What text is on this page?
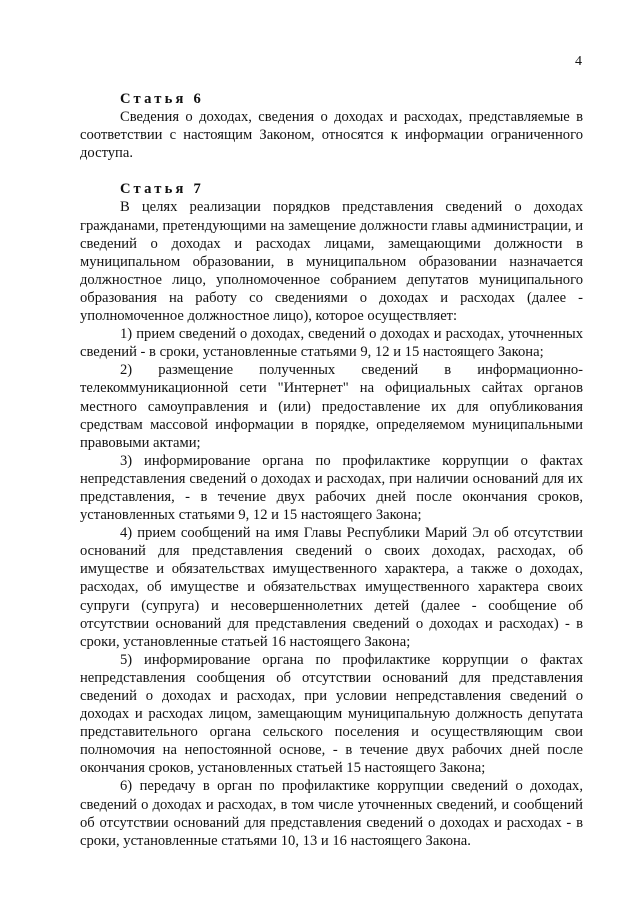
4
Статья 6
Сведения о доходах, сведения о доходах и расходах, представляемые в соответствии с настоящим Законом, относятся к информации ограниченного доступа.
Статья 7
В целях реализации порядков представления сведений о доходах гражданами, претендующими на замещение должности главы администрации, и сведений о доходах и расходах лицами, замещающими должности в муниципальном образовании, в муниципальном образовании назначается должностное лицо, уполномоченное собранием депутатов муниципального образования на работу со сведениями о доходах и расходах (далее - уполномоченное должностное лицо), которое осуществляет:
1) прием сведений о доходах, сведений о доходах и расходах, уточненных сведений - в сроки, установленные статьями 9, 12 и 15 настоящего Закона;
2) размещение полученных сведений в информационно-телекоммуникационной сети "Интернет" на официальных сайтах органов местного самоуправления и (или) предоставление их для опубликования средствам массовой информации в порядке, определяемом муниципальными правовыми актами;
3) информирование органа по профилактике коррупции о фактах непредставления сведений о доходах и расходах, при наличии оснований для их представления, - в течение двух рабочих дней после окончания сроков, установленных статьями 9, 12 и 15 настоящего Закона;
4) прием сообщений на имя Главы Республики Марий Эл об отсутствии оснований для представления сведений о своих доходах, расходах, об имуществе и обязательствах имущественного характера, а также о доходах, расходах, об имуществе и обязательствах имущественного характера своих супруги (супруга) и несовершеннолетних детей (далее - сообщение об отсутствии оснований для представления сведений о доходах и расходах) - в сроки, установленные статьей 16 настоящего Закона;
5) информирование органа по профилактике коррупции о фактах непредставления сообщения об отсутствии оснований для представления сведений о доходах и расходах, при условии непредставления сведений о доходах и расходах лицом, замещающим муниципальную должность депутата представительного органа сельского поселения и осуществляющим свои полномочия на непостоянной основе, - в течение двух рабочих дней после окончания сроков, установленных статьей 15 настоящего Закона;
6) передачу в орган по профилактике коррупции сведений о доходах, сведений о доходах и расходах, в том числе уточненных сведений, и сообщений об отсутствии оснований для представления сведений о доходах и расходах - в сроки, установленные статьями 10, 13 и 16 настоящего Закона.
